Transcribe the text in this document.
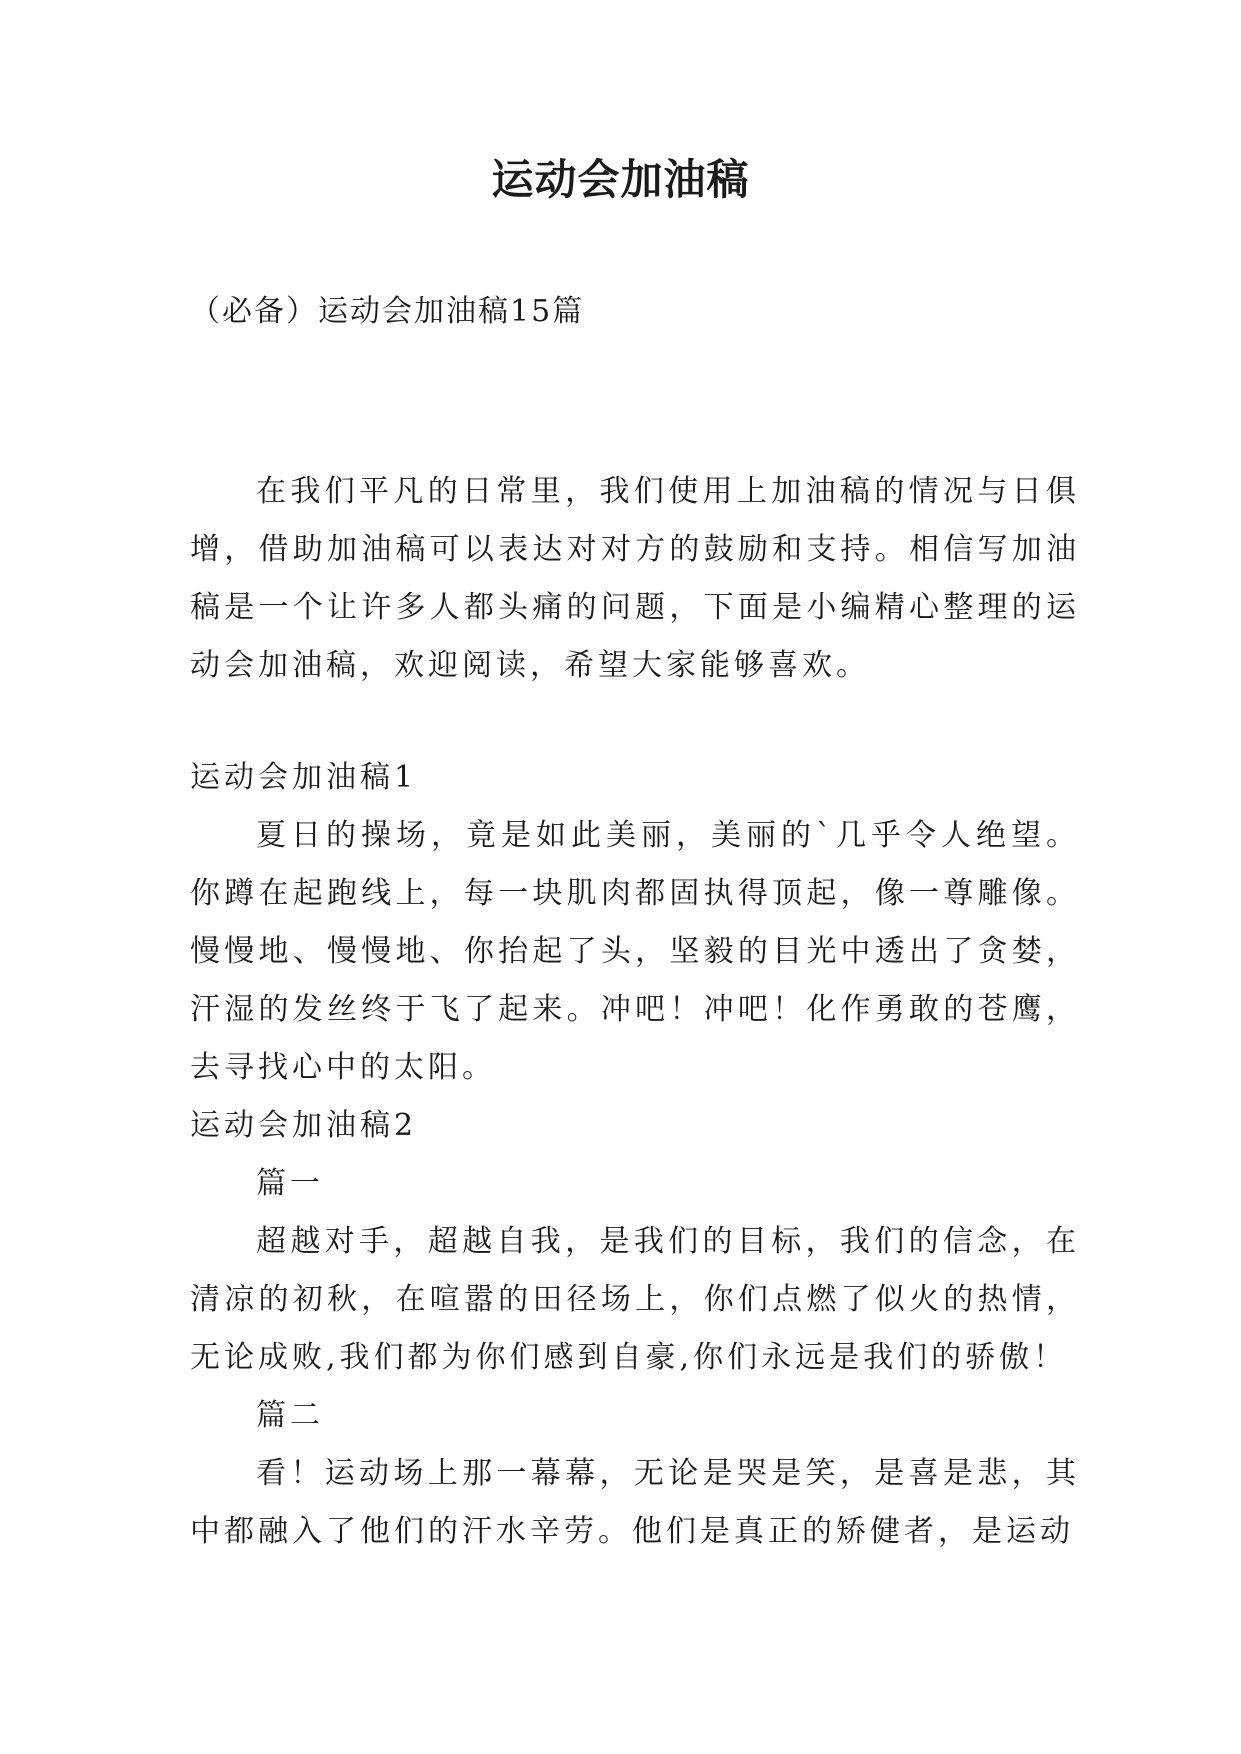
运动会加油稿
（必备）运动会加油稿15篇

在我们平凡的日常里，我们使用上加油稿的情况与日俱增，借助加油稿可以表达对对方的鼓励和支持。相信写加油稿是一个让许多人都头痛的问题，下面是小编精心整理的运动会加油稿，欢迎阅读，希望大家能够喜欢。

运动会加油稿1

夏日的操场，竟是如此美丽，美丽的`几乎令人绝望。你蹲在起跑线上，每一块肌肉都固执得顶起，像一尊雕像。慢慢地、慢慢地、你抬起了头，坚毅的目光中透出了贪婪，汗湿的发丝终于飞了起来。冲吧！冲吧！化作勇敢的苍鹰，去寻找心中的太阳。

运动会加油稿2

篇一

超越对手，超越自我，是我们的目标，我们的信念，在清凉的初秋，在喧嚣的田径场上，你们点燃了似火的热情，无论成败,我们都为你们感到自豪,你们永远是我们的骄傲！

篇二

看！运动场上那一幕幕，无论是哭是笑，是喜是悲，其中都融入了他们的汗水辛劳。他们是真正的矫健者，是运动
